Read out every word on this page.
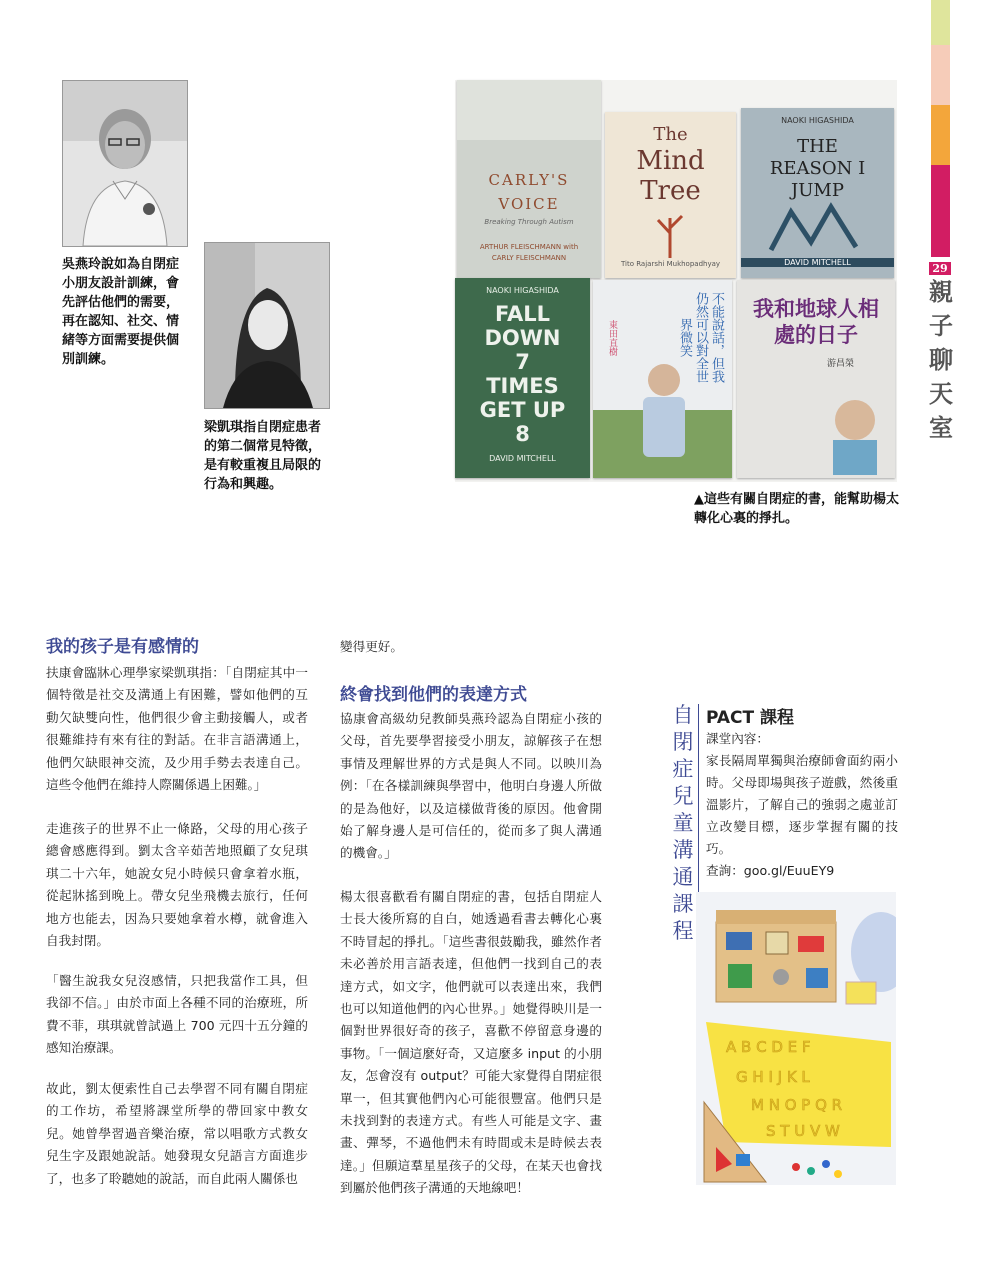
29
親子聊天室
吳燕玲說如為自閉症小朋友設計訓練，會先評估他們的需要，再在認知、社交、情緒等方面需要提供個別訓練。
梁凱琪指自閉症患者的第二個常見特徵，是有較重複且局限的行為和興趣。
CARLY'S VOICE
Breaking Through Autism
ARTHUR FLEISCHMANN with CARLY FLEISCHMANN
The
Mind Tree
Tito Rajarshi Mukhopadhyay
NAOKI HIGASHIDA
THE REASON I JUMP
DAVID MITCHELL
NAOKI HIGASHIDA
FALL DOWN 7 TIMES GET UP 8
DAVID MITCHELL
不能說話，但我仍然可以對全世界微笑
東田直樹
我和地球人相處的日子
游昌榮
▲這些有關自閉症的書，能幫助楊太轉化心裏的掙扎。
我的孩子是有感情的

扶康會臨牀心理學家梁凱琪指：「自閉症其中一個特徵是社交及溝通上有困難，譬如他們的互動欠缺雙向性，他們很少會主動接觸人，或者很難維持有來有往的對話。在非言語溝通上，他們欠缺眼神交流，及少用手勢去表達自己。這些令他們在維持人際關係遇上困難。」

走進孩子的世界不止一條路，父母的用心孩子總會感應得到。劉太含辛茹苦地照顧了女兒琪琪二十六年，她說女兒小時候只會拿着水瓶，從起牀搖到晚上。帶女兒坐飛機去旅行，任何地方也能去，因為只要她拿着水樽，就會進入自我封閉。

「醫生說我女兒沒感情，只把我當作工具，但我卻不信。」由於市面上各種不同的治療班，所費不菲，琪琪就曾試過上 700 元四十五分鐘的感知治療課。

故此，劉太便索性自己去學習不同有關自閉症的工作坊，希望將課堂所學的帶回家中教女兒。她曾學習過音樂治療，常以唱歌方式教女兒生字及跟她說話。她發現女兒語言方面進步了，也多了聆聽她的說話，而自此兩人關係也

變得更好。

終會找到他們的表達方式

協康會高級幼兒教師吳燕玲認為自閉症小孩的父母，首先要學習接受小朋友，諒解孩子在想事情及理解世界的方式是與人不同。以映川為例：「在各樣訓練與學習中，他明白身邊人所做的是為他好，以及這樣做背後的原因。他會開始了解身邊人是可信任的，從而多了與人溝通的機會。」

楊太很喜歡看有關自閉症的書，包括自閉症人士長大後所寫的自白，她透過看書去轉化心裏不時冒起的掙扎。「這些書很鼓勵我，雖然作者未必善於用言語表達，但他們一找到自己的表達方式，如文字，他們就可以表達出來，我們也可以知道他們的內心世界。」她覺得映川是一個對世界很好奇的孩子，喜歡不停留意身邊的事物。「一個這麼好奇，又這麼多 input 的小朋友，怎會沒有 output？可能大家覺得自閉症很單一，但其實他們內心可能很豐富。他們只是未找到對的表達方式。有些人可能是文字、畫畫、彈琴，不過他們未有時間或未是時候去表達。」但願這羣星星孩子的父母，在某天也會找到屬於他們孩子溝通的天地線吧！

自閉症兒童溝通課程
PACT 課程
課堂內容：
家長隔周單獨與治療師會面約兩小時。父母即場與孩子遊戲，然後重溫影片，了解自己的強弱之處並訂立改變目標，逐步掌握有關的技巧。
查詢：goo.gl/EuuEY9
A B C D E F
G H I J K L
M N O P Q R
S T U V W
